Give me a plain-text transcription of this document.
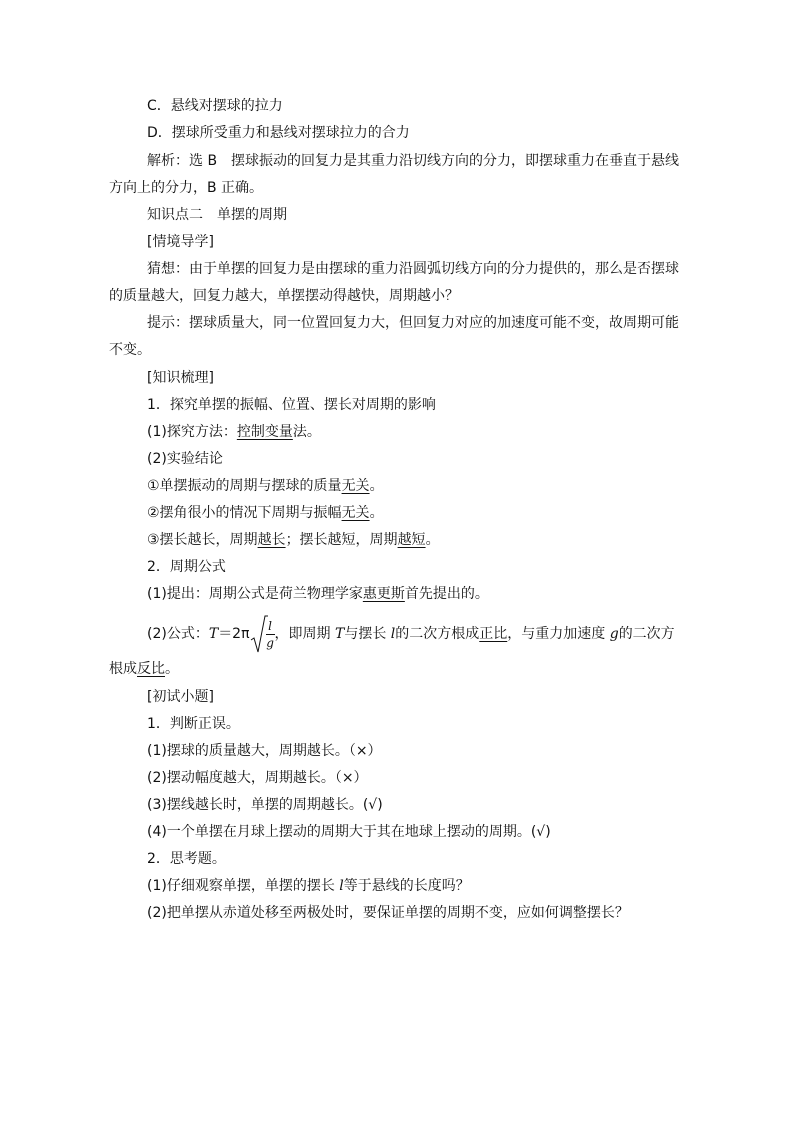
C．悬线对摆球的拉力
D．摆球所受重力和悬线对摆球拉力的合力
解析：选 B　摆球振动的回复力是其重力沿切线方向的分力，即摆球重力在垂直于悬线
方向上的分力，B 正确。
知识点二　单摆的周期
[情境导学]
猜想：由于单摆的回复力是由摆球的重力沿圆弧切线方向的分力提供的，那么是否摆球
的质量越大，回复力越大，单摆摆动得越快，周期越小？
提示：摆球质量大，同一位置回复力大，但回复力对应的加速度可能不变，故周期可能
不变。
[知识梳理]
1．探究单摆的振幅、位置、摆长对周期的影响
(1)探究方法：控制变量法。
(2)实验结论
①单摆振动的周期与摆球的质量无关。
②摆角很小的情况下周期与振幅无关。
③摆长越长，周期越长；摆长越短，周期越短。
2．周期公式
(1)提出：周期公式是荷兰物理学家惠更斯首先提出的。
(2)公式：T＝2π
l
g
，即周期 T与摆长 l的二次方根成正比，与重力加速度 g的二次方
根成反比。
[初试小题]
1．判断正误。
(1)摆球的质量越大，周期越长。（×）
(2)摆动幅度越大，周期越长。（×）
(3)摆线越长时，单摆的周期越长。(√)
(4)一个单摆在月球上摆动的周期大于其在地球上摆动的周期。(√)
2．思考题。
(1)仔细观察单摆，单摆的摆长 l等于悬线的长度吗？
(2)把单摆从赤道处移至两极处时，要保证单摆的周期不变，应如何调整摆长？
